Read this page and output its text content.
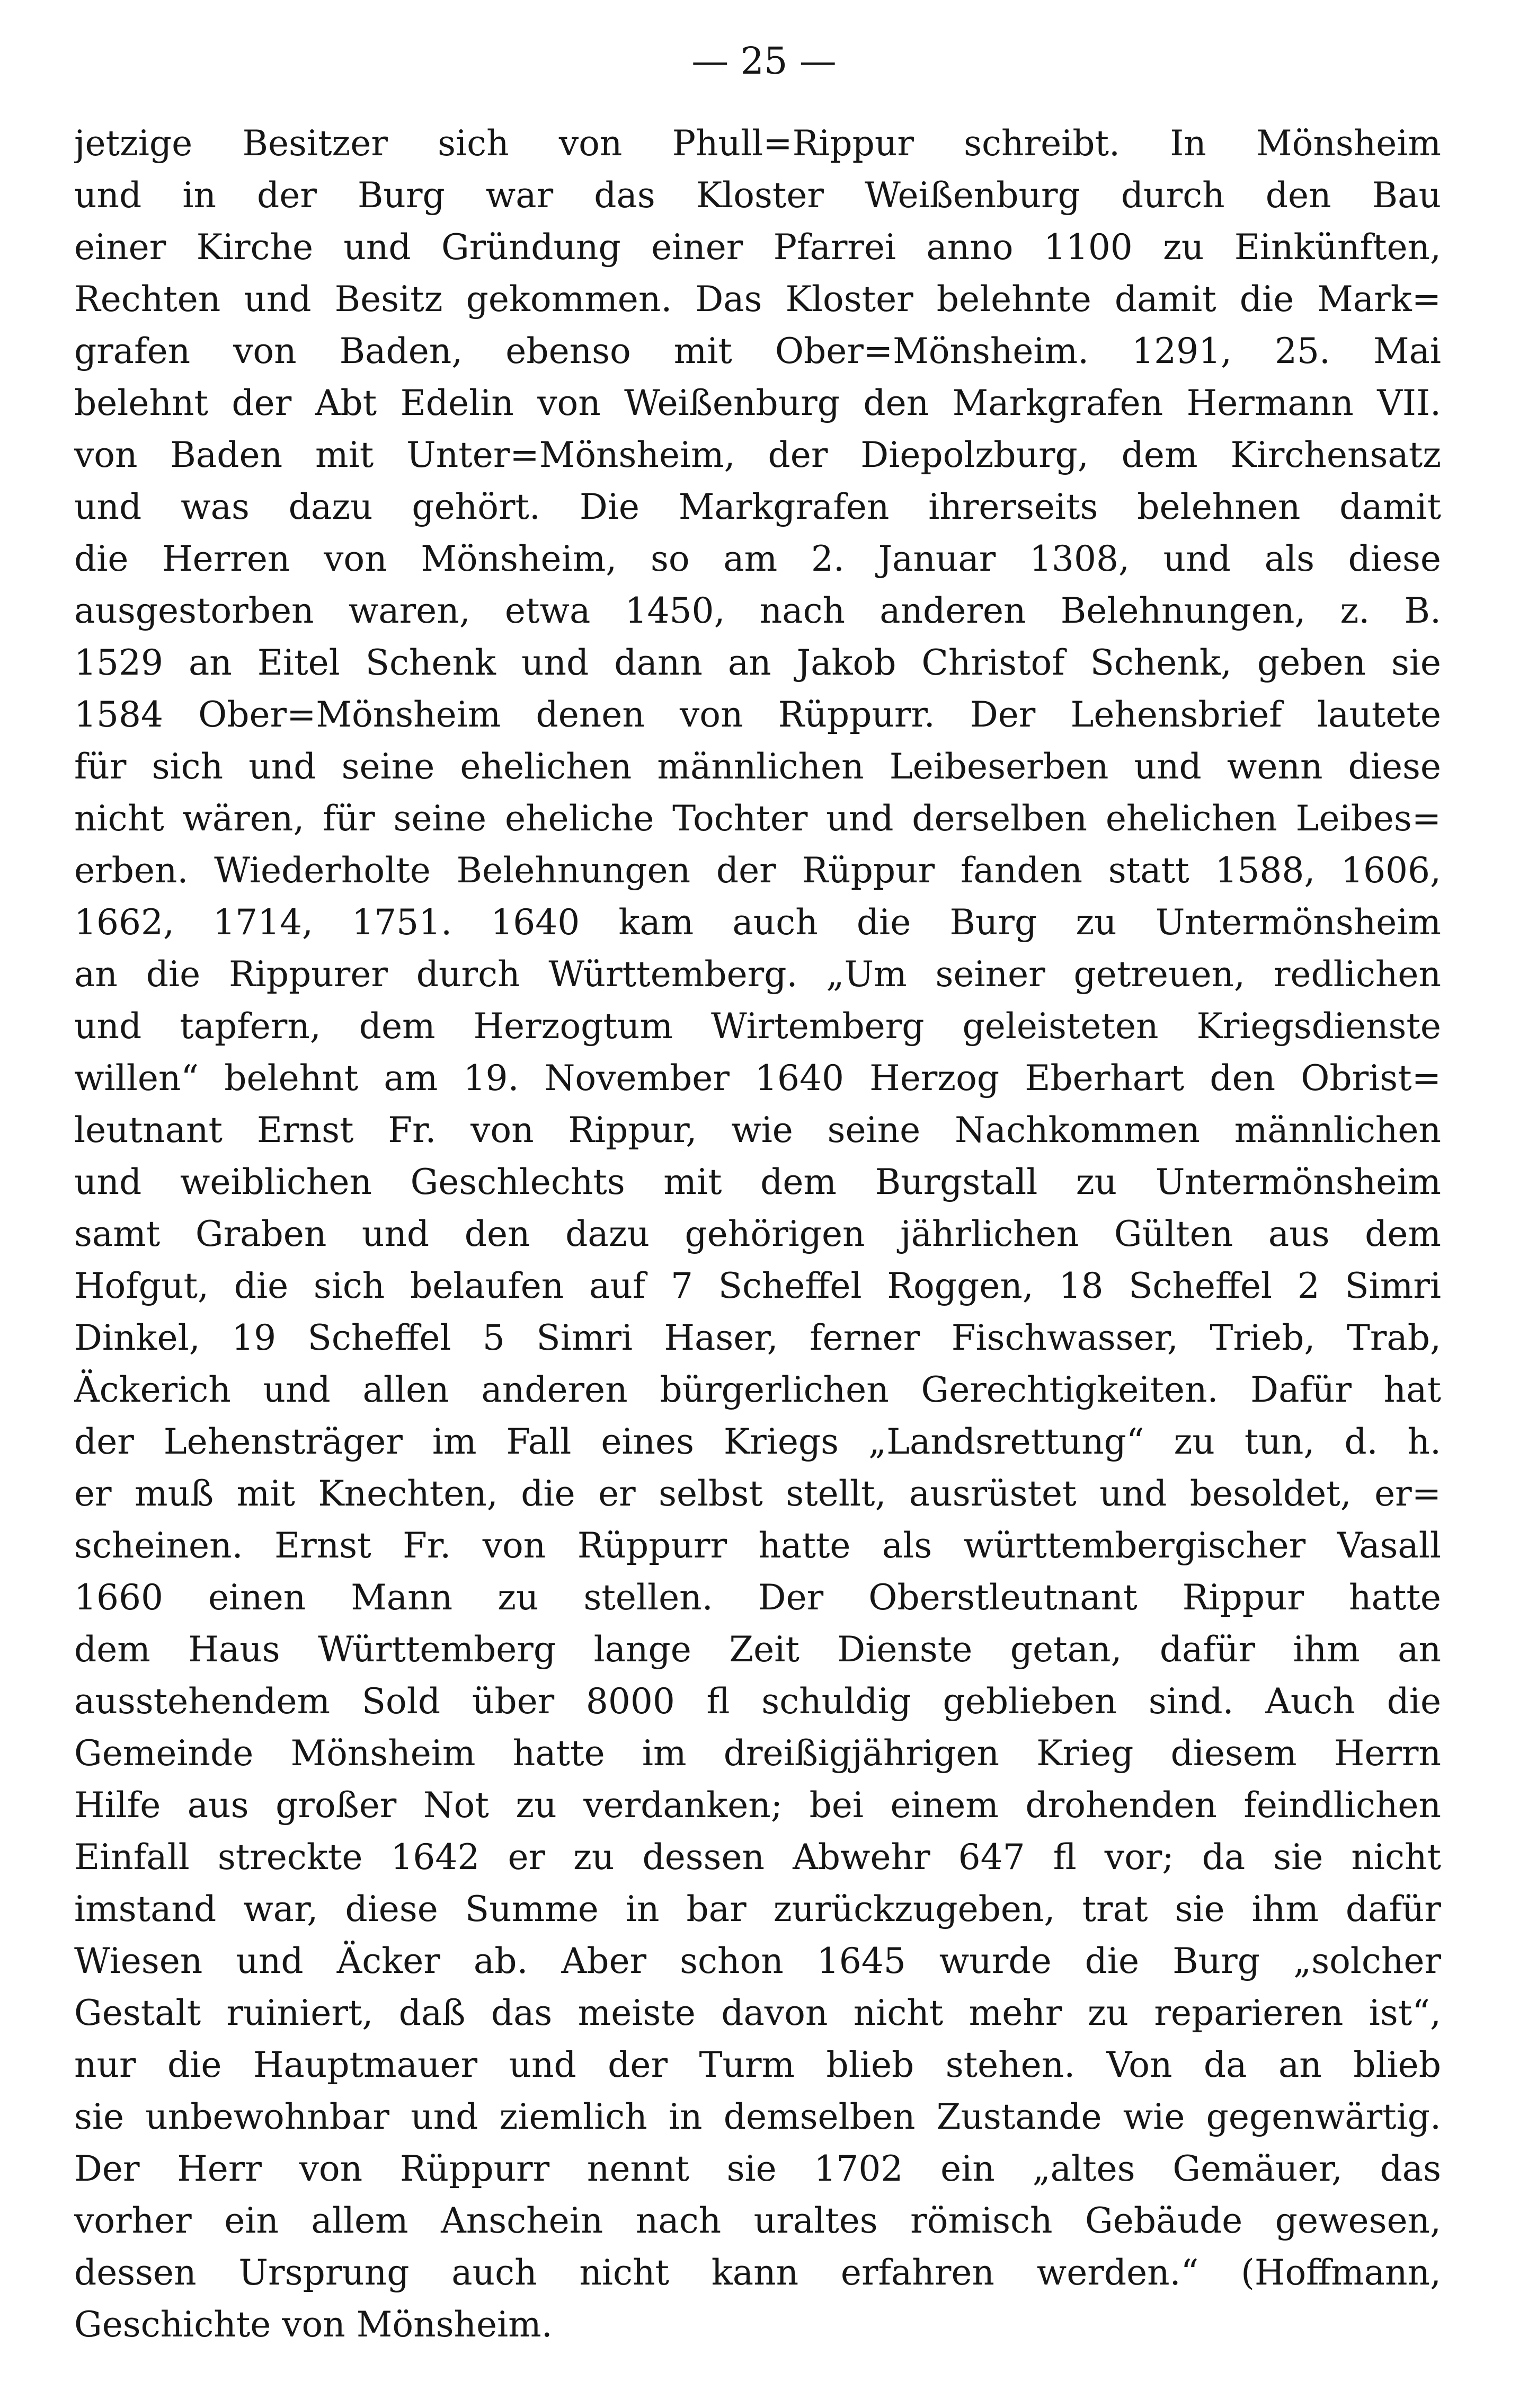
— 25 —
jetzige Besitzer sich von Phull=Rippur schreibt. In Mönsheim
und in der Burg war das Kloster Weißenburg durch den Bau
einer Kirche und Gründung einer Pfarrei anno 1100 zu Einkünften,
Rechten und Besitz gekommen. Das Kloster belehnte damit die Mark=
grafen von Baden, ebenso mit Ober=Mönsheim. 1291, 25. Mai
belehnt der Abt Edelin von Weißenburg den Markgrafen Hermann VII.
von Baden mit Unter=Mönsheim, der Diepolzburg, dem Kirchensatz
und was dazu gehört. Die Markgrafen ihrerseits belehnen damit
die Herren von Mönsheim, so am 2. Januar 1308, und als diese
ausgestorben waren, etwa 1450, nach anderen Belehnungen, z. B.
1529 an Eitel Schenk und dann an Jakob Christof Schenk, geben sie
1584 Ober=Mönsheim denen von Rüppurr. Der Lehensbrief lautete
für sich und seine ehelichen männlichen Leibeserben und wenn diese
nicht wären, für seine eheliche Tochter und derselben ehelichen Leibes=
erben. Wiederholte Belehnungen der Rüppur fanden statt 1588, 1606,
1662, 1714, 1751. 1640 kam auch die Burg zu Untermönsheim
an die Rippurer durch Württemberg. „Um seiner getreuen, redlichen
und tapfern, dem Herzogtum Wirtemberg geleisteten Kriegsdienste
willen“ belehnt am 19. November 1640 Herzog Eberhart den Obrist=
leutnant Ernst Fr. von Rippur, wie seine Nachkommen männlichen
und weiblichen Geschlechts mit dem Burgstall zu Untermönsheim
samt Graben und den dazu gehörigen jährlichen Gülten aus dem
Hofgut, die sich belaufen auf 7 Scheffel Roggen, 18 Scheffel 2 Simri
Dinkel, 19 Scheffel 5 Simri Haser, ferner Fischwasser, Trieb, Trab,
Äckerich und allen anderen bürgerlichen Gerechtigkeiten. Dafür hat
der Lehensträger im Fall eines Kriegs „Landsrettung“ zu tun, d. h.
er muß mit Knechten, die er selbst stellt, ausrüstet und besoldet, er=
scheinen. Ernst Fr. von Rüppurr hatte als württembergischer Vasall
1660 einen Mann zu stellen. Der Oberstleutnant Rippur hatte
dem Haus Württemberg lange Zeit Dienste getan, dafür ihm an
ausstehendem Sold über 8000 fl schuldig geblieben sind. Auch die
Gemeinde Mönsheim hatte im dreißigjährigen Krieg diesem Herrn
Hilfe aus großer Not zu verdanken; bei einem drohenden feindlichen
Einfall streckte 1642 er zu dessen Abwehr 647 fl vor; da sie nicht
imstand war, diese Summe in bar zurückzugeben, trat sie ihm dafür
Wiesen und Äcker ab. Aber schon 1645 wurde die Burg „solcher
Gestalt ruiniert, daß das meiste davon nicht mehr zu reparieren ist“,
nur die Hauptmauer und der Turm blieb stehen. Von da an blieb
sie unbewohnbar und ziemlich in demselben Zustande wie gegenwärtig.
Der Herr von Rüppurr nennt sie 1702 ein „altes Gemäuer, das
vorher ein allem Anschein nach uraltes römisch Gebäude gewesen,
dessen Ursprung auch nicht kann erfahren werden.“ (Hoffmann,
Geschichte von Mönsheim.
